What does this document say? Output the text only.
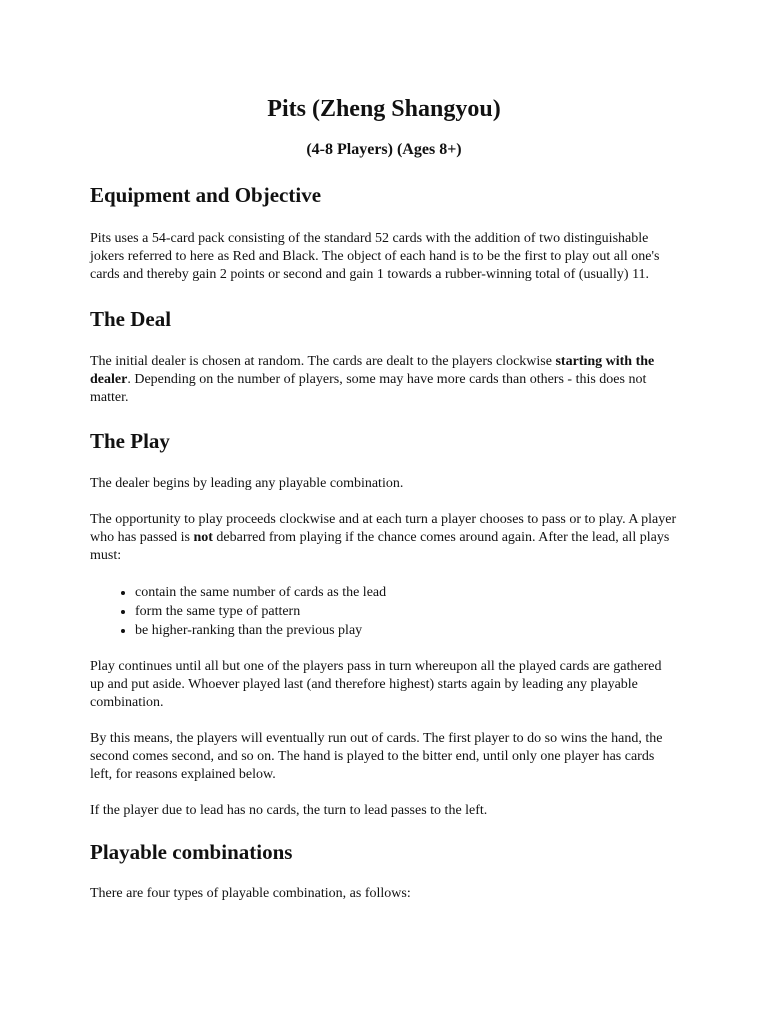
Pits (Zheng Shangyou)
(4-8 Players) (Ages 8+)
Equipment and Objective

Pits uses a 54-card pack consisting of the standard 52 cards with the addition of two distinguishable jokers referred to here as Red and Black. The object of each hand is to be the first to play out all one's cards and thereby gain 2 points or second and gain 1 towards a rubber-winning total of (usually) 11.

The Deal

The initial dealer is chosen at random. The cards are dealt to the players clockwise starting with the dealer. Depending on the number of players, some may have more cards than others - this does not matter.

The Play

The dealer begins by leading any playable combination.

The opportunity to play proceeds clockwise and at each turn a player chooses to pass or to play. A player who has passed is not debarred from playing if the chance comes around again. After the lead, all plays must:

• contain the same number of cards as the lead
• form the same type of pattern
• be higher-ranking than the previous play

Play continues until all but one of the players pass in turn whereupon all the played cards are gathered up and put aside. Whoever played last (and therefore highest) starts again by leading any playable combination.

By this means, the players will eventually run out of cards. The first player to do so wins the hand, the second comes second, and so on. The hand is played to the bitter end, until only one player has cards left, for reasons explained below.

If the player due to lead has no cards, the turn to lead passes to the left.

Playable combinations

There are four types of playable combination, as follows:
